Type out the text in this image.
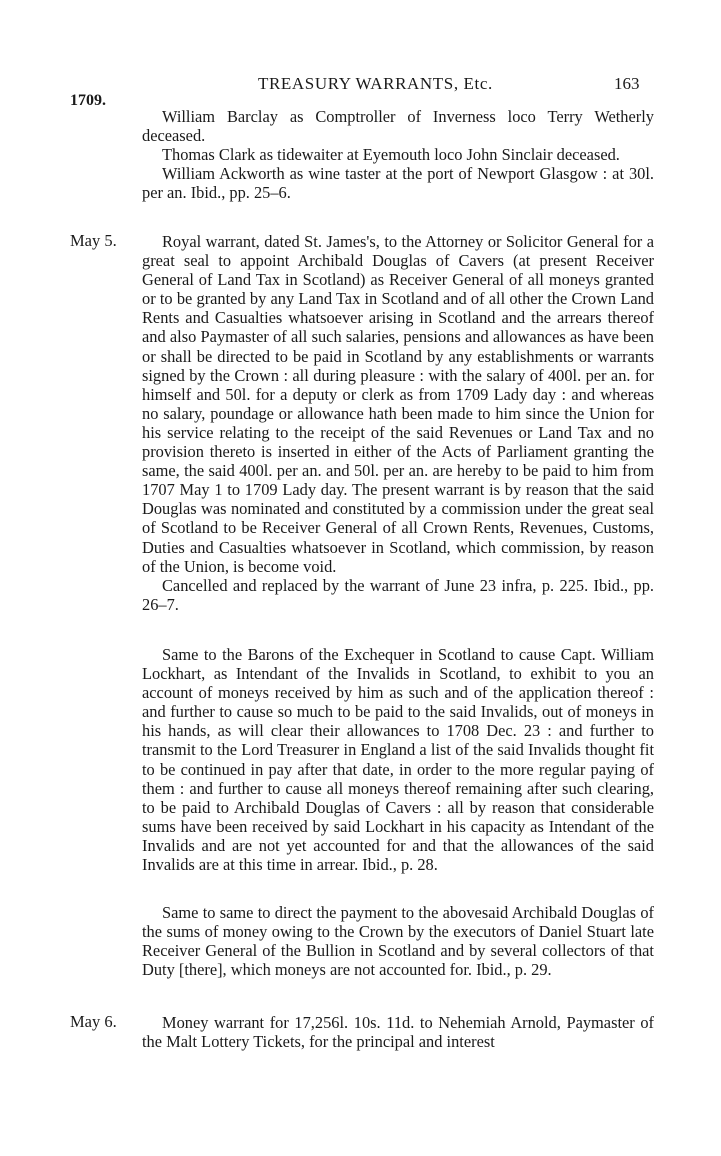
TREASURY WARRANTS, Etc.	163
1709.

William Barclay as Comptroller of Inverness loco Terry Wetherly deceased.

Thomas Clark as tidewaiter at Eyemouth loco John Sinclair deceased.

William Ackworth as wine taster at the port of Newport Glasgow : at 30l. per an. Ibid., pp. 25–6.

May 5.	Royal warrant, dated St. James's, to the Attorney or Solicitor General for a great seal to appoint Archibald Douglas of Cavers (at present Receiver General of Land Tax in Scotland) as Receiver General of all moneys granted or to be granted by any Land Tax in Scotland and of all other the Crown Land Rents and Casualties whatsoever arising in Scotland and the arrears thereof and also Paymaster of all such salaries, pensions and allowances as have been or shall be directed to be paid in Scotland by any establishments or warrants signed by the Crown : all during pleasure : with the salary of 400l. per an. for himself and 50l. for a deputy or clerk as from 1709 Lady day : and whereas no salary, poundage or allowance hath been made to him since the Union for his service relating to the receipt of the said Revenues or Land Tax and no provision thereto is inserted in either of the Acts of Parliament granting the same, the said 400l. per an. and 50l. per an. are hereby to be paid to him from 1707 May 1 to 1709 Lady day. The present warrant is by reason that the said Douglas was nominated and constituted by a commission under the great seal of Scotland to be Receiver General of all Crown Rents, Revenues, Customs, Duties and Casualties whatsoever in Scotland, which commission, by reason of the Union, is become void.

Cancelled and replaced by the warrant of June 23 infra, p. 225. Ibid., pp. 26–7.

Same to the Barons of the Exchequer in Scotland to cause Capt. William Lockhart, as Intendant of the Invalids in Scotland, to exhibit to you an account of moneys received by him as such and of the application thereof : and further to cause so much to be paid to the said Invalids, out of moneys in his hands, as will clear their allowances to 1708 Dec. 23 : and further to transmit to the Lord Treasurer in England a list of the said Invalids thought fit to be continued in pay after that date, in order to the more regular paying of them : and further to cause all moneys thereof remaining after such clearing, to be paid to Archibald Douglas of Cavers : all by reason that considerable sums have been received by said Lockhart in his capacity as Intendant of the Invalids and are not yet accounted for and that the allowances of the said Invalids are at this time in arrear. Ibid., p. 28.

Same to same to direct the payment to the abovesaid Archibald Douglas of the sums of money owing to the Crown by the executors of Daniel Stuart late Receiver General of the Bullion in Scotland and by several collectors of that Duty [there], which moneys are not accounted for. Ibid., p. 29.

May 6.	Money warrant for 17,256l. 10s. 11d. to Nehemiah Arnold, Paymaster of the Malt Lottery Tickets, for the principal and interest
